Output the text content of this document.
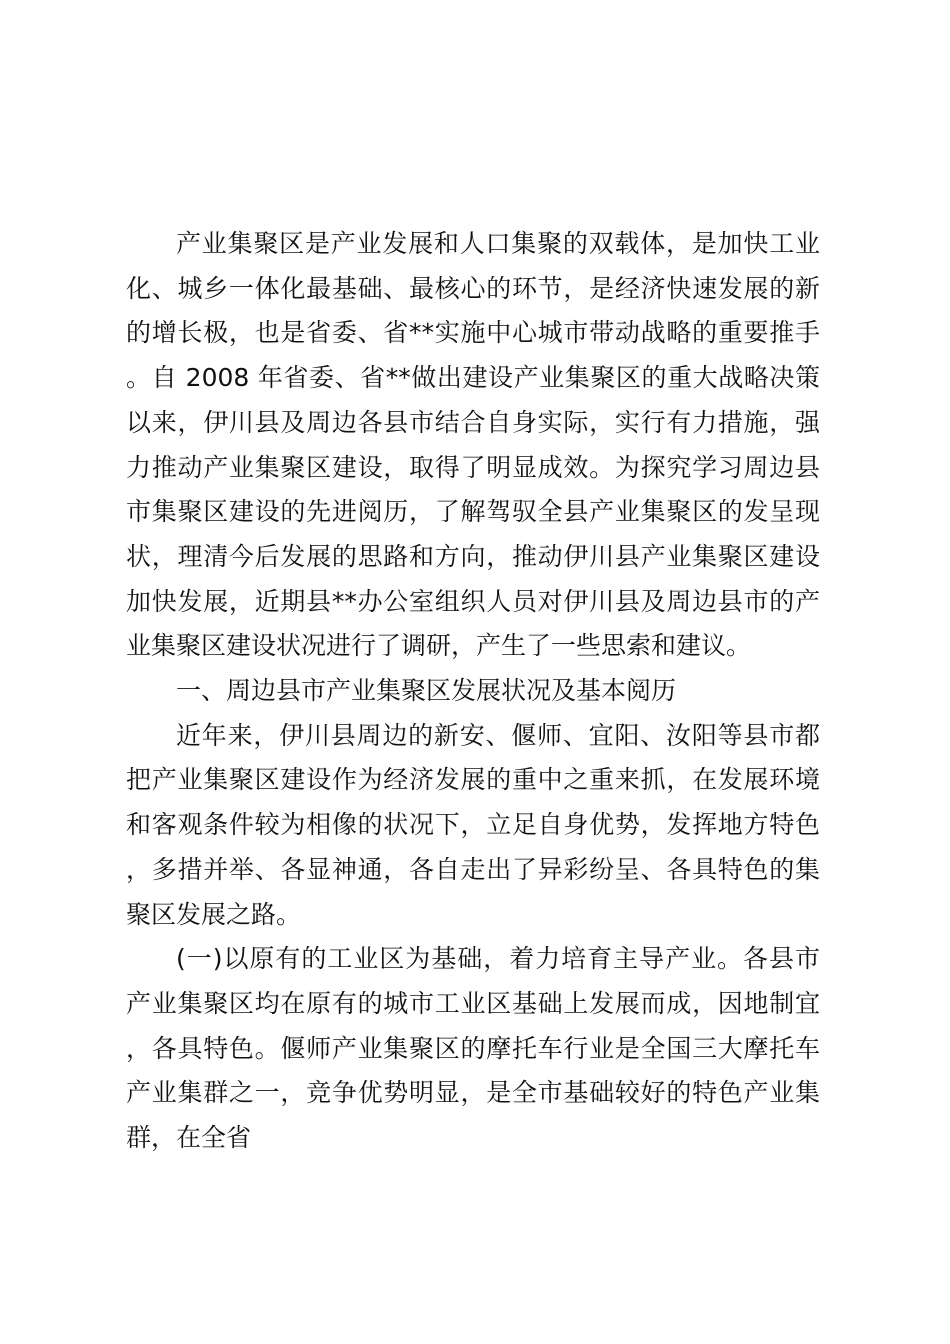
产业集聚区是产业发展和人口集聚的双载体，是加快工业化、城乡一体化最基础、最核心的环节，是经济快速发展的新的增长极，也是省委、省**实施中心城市带动战略的重要推手。自 2008 年省委、省**做出建设产业集聚区的重大战略决策以来，伊川县及周边各县市结合自身实际，实行有力措施，强力推动产业集聚区建设，取得了明显成效。为探究学习周边县市集聚区建设的先进阅历，了解驾驭全县产业集聚区的发呈现状，理清今后发展的思路和方向，推动伊川县产业集聚区建设加快发展，近期县**办公室组织人员对伊川县及周边县市的产业集聚区建设状况进行了调研，产生了一些思索和建议。

一、周边县市产业集聚区发展状况及基本阅历

近年来，伊川县周边的新安、偃师、宜阳、汝阳等县市都把产业集聚区建设作为经济发展的重中之重来抓，在发展环境和客观条件较为相像的状况下，立足自身优势，发挥地方特色，多措并举、各显神通，各自走出了异彩纷呈、各具特色的集聚区发展之路。

(一)以原有的工业区为基础，着力培育主导产业。各县市产业集聚区均在原有的城市工业区基础上发展而成，因地制宜，各具特色。偃师产业集聚区的摩托车行业是全国三大摩托车产业集群之一，竞争优势明显，是全市基础较好的特色产业集群，在全省
